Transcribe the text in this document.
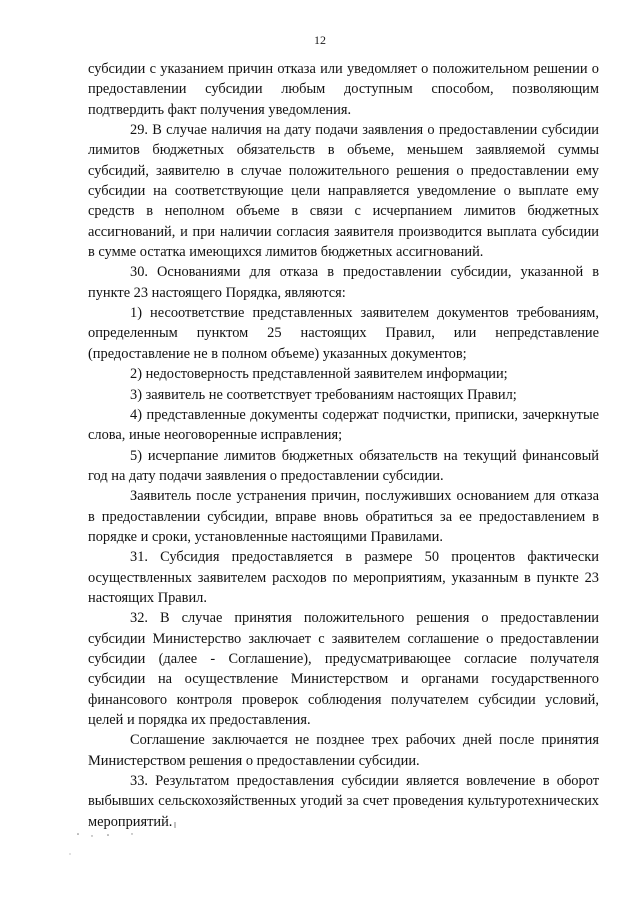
12

субсидии с указанием причин отказа или уведомляет о положительном решении о предоставлении субсидии любым доступным способом, позволяющим подтвердить факт получения уведомления.

29. В случае наличия на дату подачи заявления о предоставлении субсидии лимитов бюджетных обязательств в объеме, меньшем заявляемой суммы субсидий, заявителю в случае положительного решения о предоставлении ему субсидии на соответствующие цели направляется уведомление о выплате ему средств в неполном объеме в связи с исчерпанием лимитов бюджетных ассигнований, и при наличии согласия заявителя производится выплата субсидии в сумме остатка имеющихся лимитов бюджетных ассигнований.

30. Основаниями для отказа в предоставлении субсидии, указанной в пункте 23 настоящего Порядка, являются:

1) несоответствие представленных заявителем документов требованиям, определенным пунктом 25 настоящих Правил, или непредставление (предоставление не в полном объеме) указанных документов;

2) недостоверность представленной заявителем информации;

3) заявитель не соответствует требованиям настоящих Правил;

4) представленные документы содержат подчистки, приписки, зачеркнутые слова, иные неоговоренные исправления;

5) исчерпание лимитов бюджетных обязательств на текущий финансовый год на дату подачи заявления о предоставлении субсидии.

Заявитель после устранения причин, послуживших основанием для отказа в предоставлении субсидии, вправе вновь обратиться за ее предоставлением в порядке и сроки, установленные настоящими Правилами.

31. Субсидия предоставляется в размере 50 процентов фактически осуществленных заявителем расходов по мероприятиям, указанным в пункте 23 настоящих Правил.

32. В случае принятия положительного решения о предоставлении субсидии Министерство заключает с заявителем соглашение о предоставлении субсидии (далее - Соглашение), предусматривающее согласие получателя субсидии на осуществление Министерством и органами государственного финансового контроля проверок соблюдения получателем субсидии условий, целей и порядка их предоставления.

Соглашение заключается не позднее трех рабочих дней после принятия Министерством решения о предоставлении субсидии.

33. Результатом предоставления субсидии является вовлечение в оборот выбывших сельскохозяйственных угодий за счет проведения культуротехнических мероприятий.
